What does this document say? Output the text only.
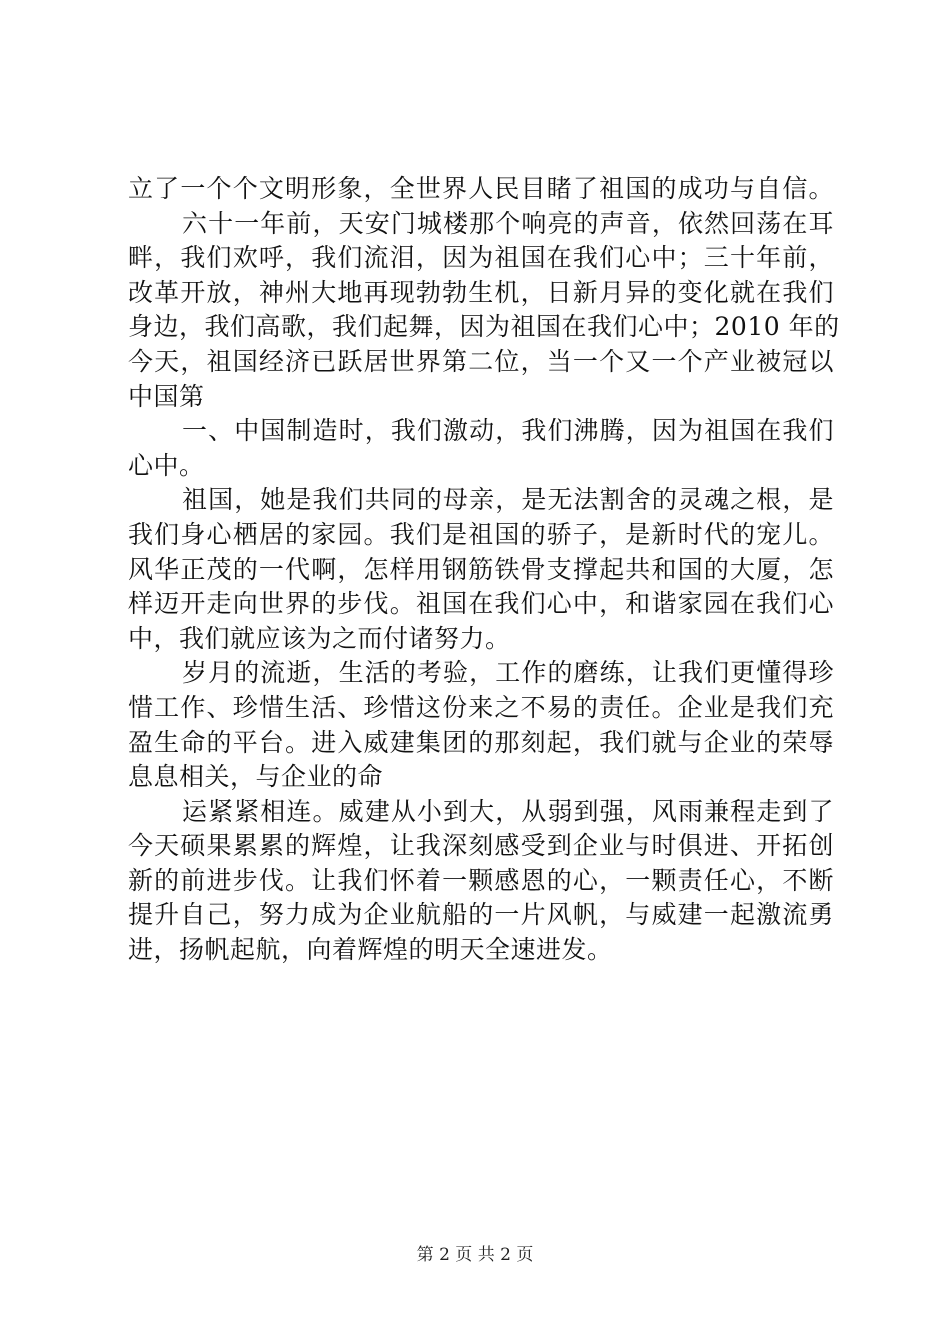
立了一个个文明形象，全世界人民目睹了祖国的成功与自信。
六十一年前，天安门城楼那个响亮的声音，依然回荡在耳
畔，我们欢呼，我们流泪，因为祖国在我们心中；三十年前，
改革开放，神州大地再现勃勃生机，日新月异的变化就在我们
身边，我们高歌，我们起舞，因为祖国在我们心中；2010 年的
今天，祖国经济已跃居世界第二位，当一个又一个产业被冠以
中国第
一、中国制造时，我们激动，我们沸腾，因为祖国在我们
心中。
祖国，她是我们共同的母亲，是无法割舍的灵魂之根，是
我们身心栖居的家园。我们是祖国的骄子，是新时代的宠儿。
风华正茂的一代啊，怎样用钢筋铁骨支撑起共和国的大厦，怎
样迈开走向世界的步伐。祖国在我们心中，和谐家园在我们心
中，我们就应该为之而付诸努力。
岁月的流逝，生活的考验，工作的磨练，让我们更懂得珍
惜工作、珍惜生活、珍惜这份来之不易的责任。企业是我们充
盈生命的平台。进入威建集团的那刻起，我们就与企业的荣辱
息息相关，与企业的命
运紧紧相连。威建从小到大，从弱到强，风雨兼程走到了
今天硕果累累的辉煌，让我深刻感受到企业与时俱进、开拓创
新的前进步伐。让我们怀着一颗感恩的心，一颗责任心，不断
提升自己，努力成为企业航船的一片风帆，与威建一起激流勇
进，扬帆起航，向着辉煌的明天全速进发。
第 2 页 共 2 页
